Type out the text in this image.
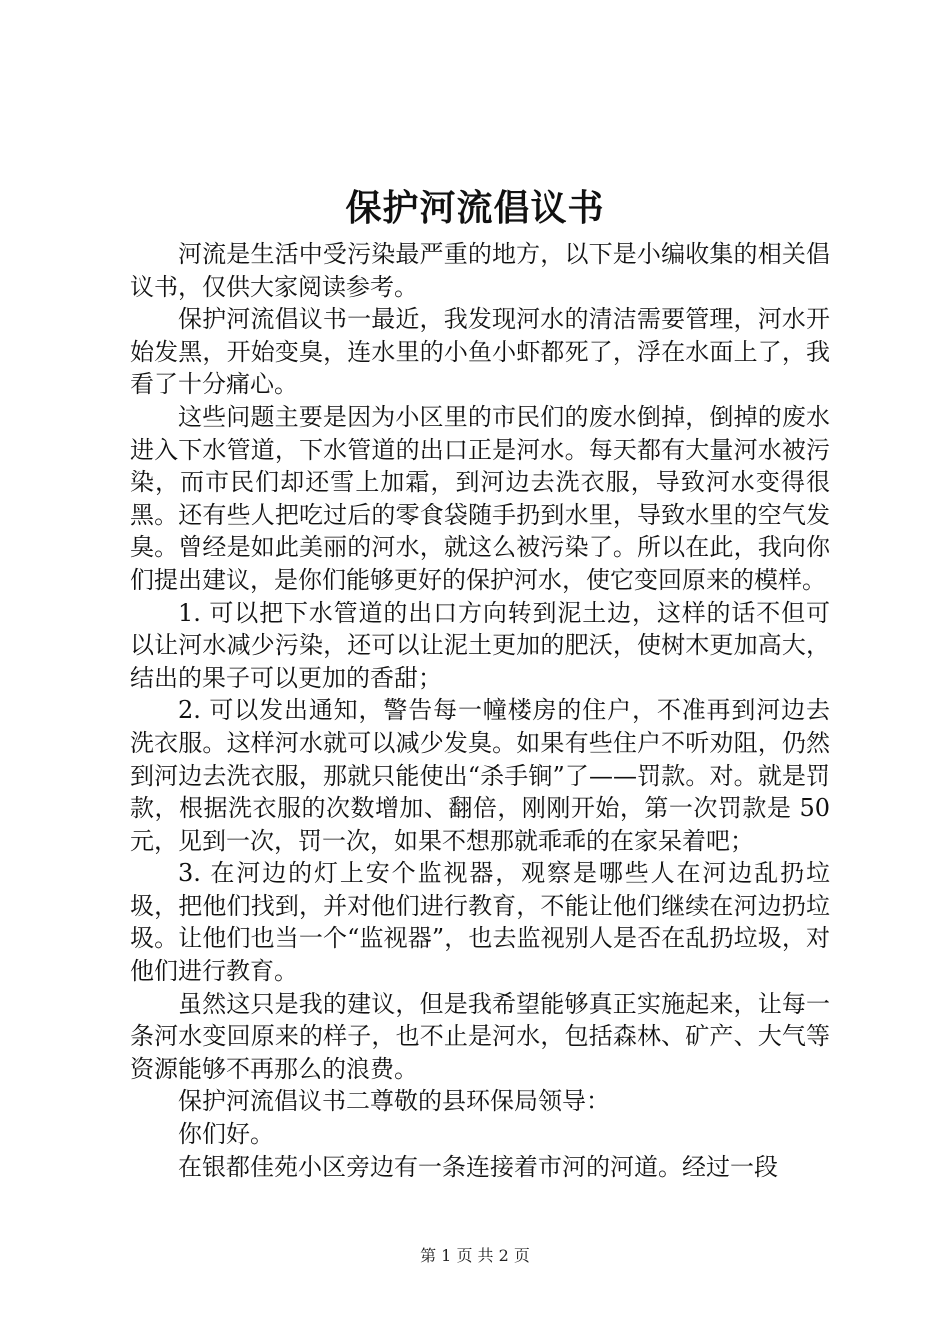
保护河流倡议书

河流是生活中受污染最严重的地方，以下是小编收集的相关倡议书，仅供大家阅读参考。

保护河流倡议书一最近，我发现河水的清洁需要管理，河水开始发黑，开始变臭，连水里的小鱼小虾都死了，浮在水面上了，我看了十分痛心。

这些问题主要是因为小区里的市民们的废水倒掉，倒掉的废水进入下水管道，下水管道的出口正是河水。每天都有大量河水被污染，而市民们却还雪上加霜，到河边去洗衣服，导致河水变得很黑。还有些人把吃过后的零食袋随手扔到水里，导致水里的空气发臭。曾经是如此美丽的河水，就这么被污染了。所以在此，我向你们提出建议，是你们能够更好的保护河水，使它变回原来的模样。

1. 可以把下水管道的出口方向转到泥土边，这样的话不但可以让河水减少污染，还可以让泥土更加的肥沃，使树木更加高大，结出的果子可以更加的香甜；

2. 可以发出通知，警告每一幢楼房的住户，不准再到河边去洗衣服。这样河水就可以减少发臭。如果有些住户不听劝阻，仍然到河边去洗衣服，那就只能使出“杀手锏”了——罚款。对。就是罚款，根据洗衣服的次数增加、翻倍，刚刚开始，第一次罚款是 50 元，见到一次，罚一次，如果不想那就乖乖的在家呆着吧；

3. 在河边的灯上安个监视器，观察是哪些人在河边乱扔垃圾，把他们找到，并对他们进行教育，不能让他们继续在河边扔垃圾。让他们也当一个“监视器”，也去监视别人是否在乱扔垃圾，对他们进行教育。

虽然这只是我的建议，但是我希望能够真正实施起来，让每一条河水变回原来的样子，也不止是河水，包括森林、矿产、大气等资源能够不再那么的浪费。

保护河流倡议书二尊敬的县环保局领导：

你们好。

在银都佳苑小区旁边有一条连接着市河的河道。经过一段

第 1 页 共 2 页
